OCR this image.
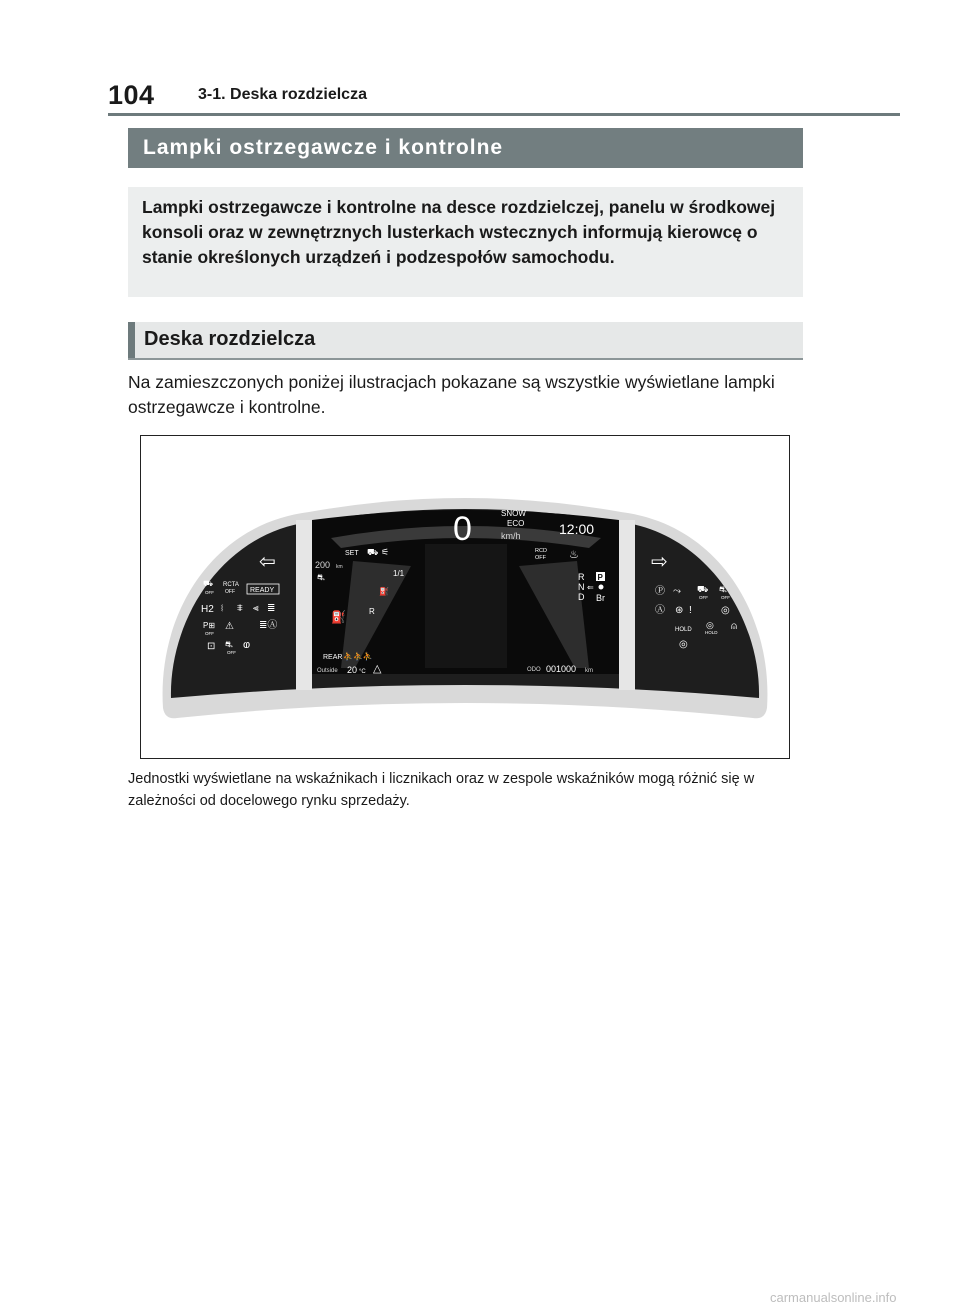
104	3-1. Deska rozdzielcza
Lampki ostrzegawcze i kontrolne

Lampki ostrzegawcze i kontrolne na desce rozdzielczej, panelu w środkowej konsoli oraz w zewnętrznych lusterkach wstecznych informują kierowcę o stanie określonych urządzeń i podzespołów samochodu.

Deska rozdzielcza

Na zamieszczonych poniżej ilustracjach pokazane są wszystkie wyświetlane lampki ostrzegawcze i kontrolne.

0	SNOW
ECO
km/h	12:00
SET ⛟ ⚟
200 km
⛐	1/1
⛽
⛽	R
RCD
OFF ♨
R
N
D
P
⇐
Br
REAR ⛹⛹⛹
Outside 20 °C △	ODO 001000 km
⇦
⛟
OFF
RCTA
OFF READY
H2 ⧙ ⩨ ⫷ ≣
P⊞
OFF
⚠	≣Ⓐ
⊡ ⛐
OFF
ⱷ
⇨
Ⓟ ⤳ ⛟
OFF
⛐
OFF
Ⓐ ⊛ !	◎
HOLD ◎
HOLD
⍝
◎

Jednostki wyświetlane na wskaźnikach i licznikach oraz w zespole wskaźników mogą różnić się w zależności od docelowego rynku sprzedaży.

carmanualsonline.info
